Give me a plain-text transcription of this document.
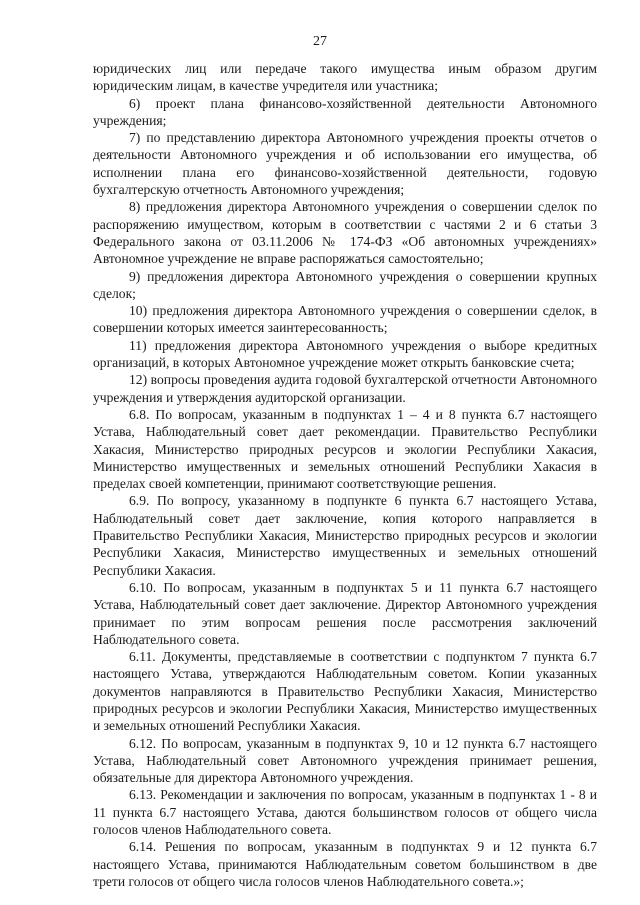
27

юридических лиц или передаче такого имущества иным образом другим юридическим лицам, в качестве учредителя или участника;

6) проект плана финансово-хозяйственной деятельности Автономного учреждения;

7) по представлению директора Автономного учреждения проекты отчетов о деятельности Автономного учреждения и об использовании его имущества, об исполнении плана его финансово-хозяйственной деятельности, годовую бухгалтерскую отчетность Автономного учреждения;

8) предложения директора Автономного учреждения о совершении сделок по распоряжению имуществом, которым в соответствии с частями 2 и 6 статьи 3 Федерального закона от 03.11.2006 № 174-ФЗ «Об автономных учреждениях» Автономное учреждение не вправе распоряжаться самостоятельно;

9) предложения директора Автономного учреждения о совершении крупных сделок;

10) предложения директора Автономного учреждения о совершении сделок, в совершении которых имеется заинтересованность;

11) предложения директора Автономного учреждения о выборе кредитных организаций, в которых Автономное учреждение может открыть банковские счета;

12) вопросы проведения аудита годовой бухгалтерской отчетности Автономного учреждения и утверждения аудиторской организации.

6.8. По вопросам, указанным в подпунктах 1 – 4 и 8 пункта 6.7 настоящего Устава, Наблюдательный совет дает рекомендации. Правительство Республики Хакасия, Министерство природных ресурсов и экологии Республики Хакасия, Министерство имущественных и земельных отношений Республики Хакасия в пределах своей компетенции, принимают соответствующие решения.

6.9. По вопросу, указанному в подпункте 6 пункта 6.7 настоящего Устава, Наблюдательный совет дает заключение, копия которого направляется в Правительство Республики Хакасия, Министерство природных ресурсов и экологии Республики Хакасия, Министерство имущественных и земельных отношений Республики Хакасия.

6.10. По вопросам, указанным в подпунктах 5 и 11 пункта 6.7 настоящего Устава, Наблюдательный совет дает заключение. Директор Автономного учреждения принимает по этим вопросам решения после рассмотрения заключений Наблюдательного совета.

6.11. Документы, представляемые в соответствии с подпунктом 7 пункта 6.7 настоящего Устава, утверждаются Наблюдательным советом. Копии указанных документов направляются в Правительство Республики Хакасия, Министерство природных ресурсов и экологии Республики Хакасия, Министерство имущественных и земельных отношений Республики Хакасия.

6.12. По вопросам, указанным в подпунктах 9, 10 и 12 пункта 6.7 настоящего Устава, Наблюдательный совет Автономного учреждения принимает решения, обязательные для директора Автономного учреждения.

6.13. Рекомендации и заключения по вопросам, указанным в подпунктах 1 - 8 и 11 пункта 6.7 настоящего Устава, даются большинством голосов от общего числа голосов членов Наблюдательного совета.

6.14. Решения по вопросам, указанным в подпунктах 9 и 12 пункта 6.7 настоящего Устава, принимаются Наблюдательным советом большинством в две трети голосов от общего числа голосов членов Наблюдательного совета.»;
